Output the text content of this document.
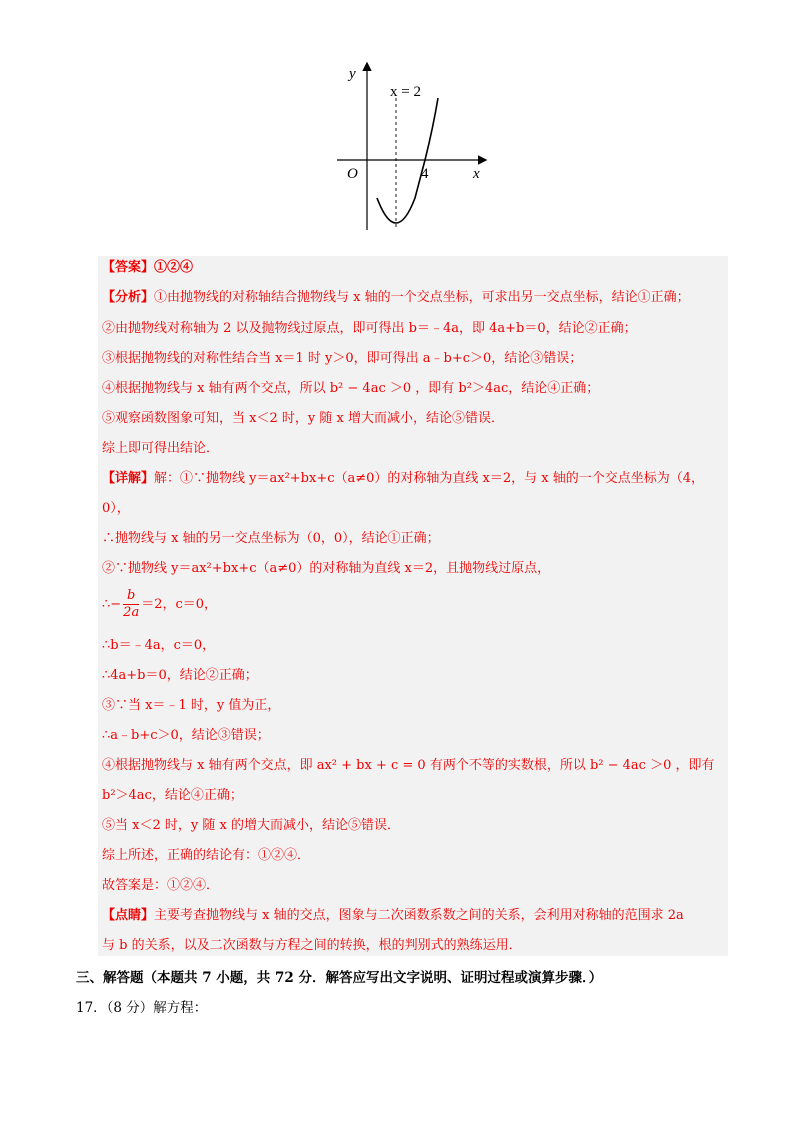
y
x
O
x = 2
4
【答案】①②④
【分析】①由抛物线的对称轴结合抛物线与 x 轴的一个交点坐标，可求出另一交点坐标，结论①正确；
②由抛物线对称轴为 2 以及抛物线过原点，即可得出 b＝﹣4a，即 4a+b＝0，结论②正确；
③根据抛物线的对称性结合当 x＝1 时 y＞0，即可得出 a﹣b+c＞0，结论③错误；
④根据抛物线与 x 轴有两个交点，所以 b² − 4ac ＞0 ，即有 b²＞4ac，结论④正确；
⑤观察函数图象可知，当 x＜2 时，y 随 x 增大而减小，结论⑤错误．
综上即可得出结论．
【详解】解：①∵抛物线 y＝ax²+bx+c（a≠0）的对称轴为直线 x＝2，与 x 轴的一个交点坐标为（4，
0），
∴抛物线与 x 轴的另一交点坐标为（0，0），结论①正确；
②∵抛物线 y＝ax²+bx+c（a≠0）的对称轴为直线 x＝2，且抛物线过原点，
∴− $\frac{b}{2a} =2$，c＝0，
∴b＝﹣4a，c＝0，
∴4a+b＝0，结论②正确；
③∵当 x＝﹣1 时，y 值为正，
∴a﹣b+c＞0，结论③错误；
④根据抛物线与 x 轴有两个交点，即 ax² + bx + c = 0 有两个不等的实数根，所以 b² − 4ac ＞0 ，即有
b²＞4ac，结论④正确；
⑤当 x＜2 时，y 随 x 的增大而减小，结论⑤错误．
综上所述，正确的结论有：①②④．
故答案是：①②④．
【点睛】主要考查抛物线与 x 轴的交点，图象与二次函数系数之间的关系，会利用对称轴的范围求 2a
与 b 的关系，以及二次函数与方程之间的转换，根的判别式的熟练运用．
三、解答题（本题共 7 小题，共 72 分．解答应写出文字说明、证明过程或演算步骤．）
17．（8 分）解方程：
